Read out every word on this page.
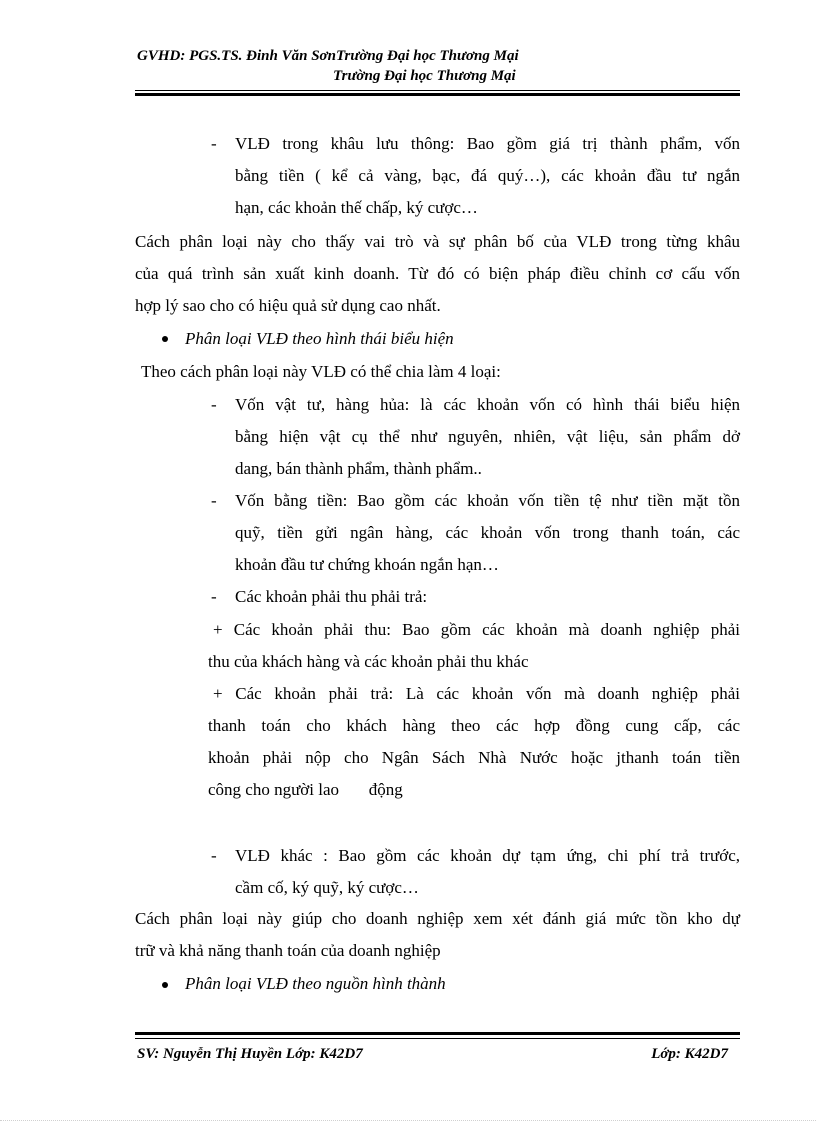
GVHD: PGS.TS. Đinh Văn SơnTrường Đại học Thương Mại
Trường Đại học Thương Mại
- VLĐ trong khâu lưu thông: Bao gồm giá trị thành phẩm, vốn
bằng tiền ( kể cả vàng, bạc, đá quý…), các khoản đầu tư ngắn
hạn, các khoản thế chấp, ký cược…
Cách phân loại này cho thấy vai trò và sự phân bố của VLĐ trong từng khâu
của quá trình sản xuất kinh doanh. Từ đó có biện pháp điều chỉnh cơ cấu vốn
hợp lý sao cho có hiệu quả sử dụng cao nhất.
Phân loại VLĐ theo hình thái biểu hiện
Theo cách phân loại này VLĐ có thể chia làm 4 loại:
- Vốn vật tư, hàng hủa: là các khoản vốn có hình thái biểu hiện
bằng hiện vật cụ thể như nguyên, nhiên, vật liệu, sản phẩm dở
dang, bán thành phẩm, thành phẩm..
- Vốn bằng tiền: Bao gồm các khoản vốn tiền tệ như tiền mặt tồn
quỹ, tiền gửi ngân hàng, các khoản vốn trong thanh toán, các
khoản đầu tư chứng khoán ngắn hạn…
- Các khoản phải thu phải trả:
+ Các khoản phải thu: Bao gồm các khoản mà doanh nghiệp phải
thu của khách hàng và các khoản phải thu khác
+ Các khoản phải trả: Là các khoản vốn mà doanh nghiệp phải
thanh toán cho khách hàng theo các hợp đồng cung cấp, các
khoản phải nộp cho Ngân Sách Nhà Nước hoặc jthanh toán tiền
công cho người lao       động
- VLĐ khác : Bao gồm các khoản dự tạm ứng, chi phí trả trước,
cầm cố, ký quỹ, ký cược…
Cách phân loại này giúp cho doanh nghiệp xem xét đánh giá mức tồn kho dự
trữ và khả năng thanh toán của doanh nghiệp
Phân loại VLĐ theo nguồn hình thành
SV: Nguyễn Thị Huyền Lớp: K42D7	Lớp: K42D7
